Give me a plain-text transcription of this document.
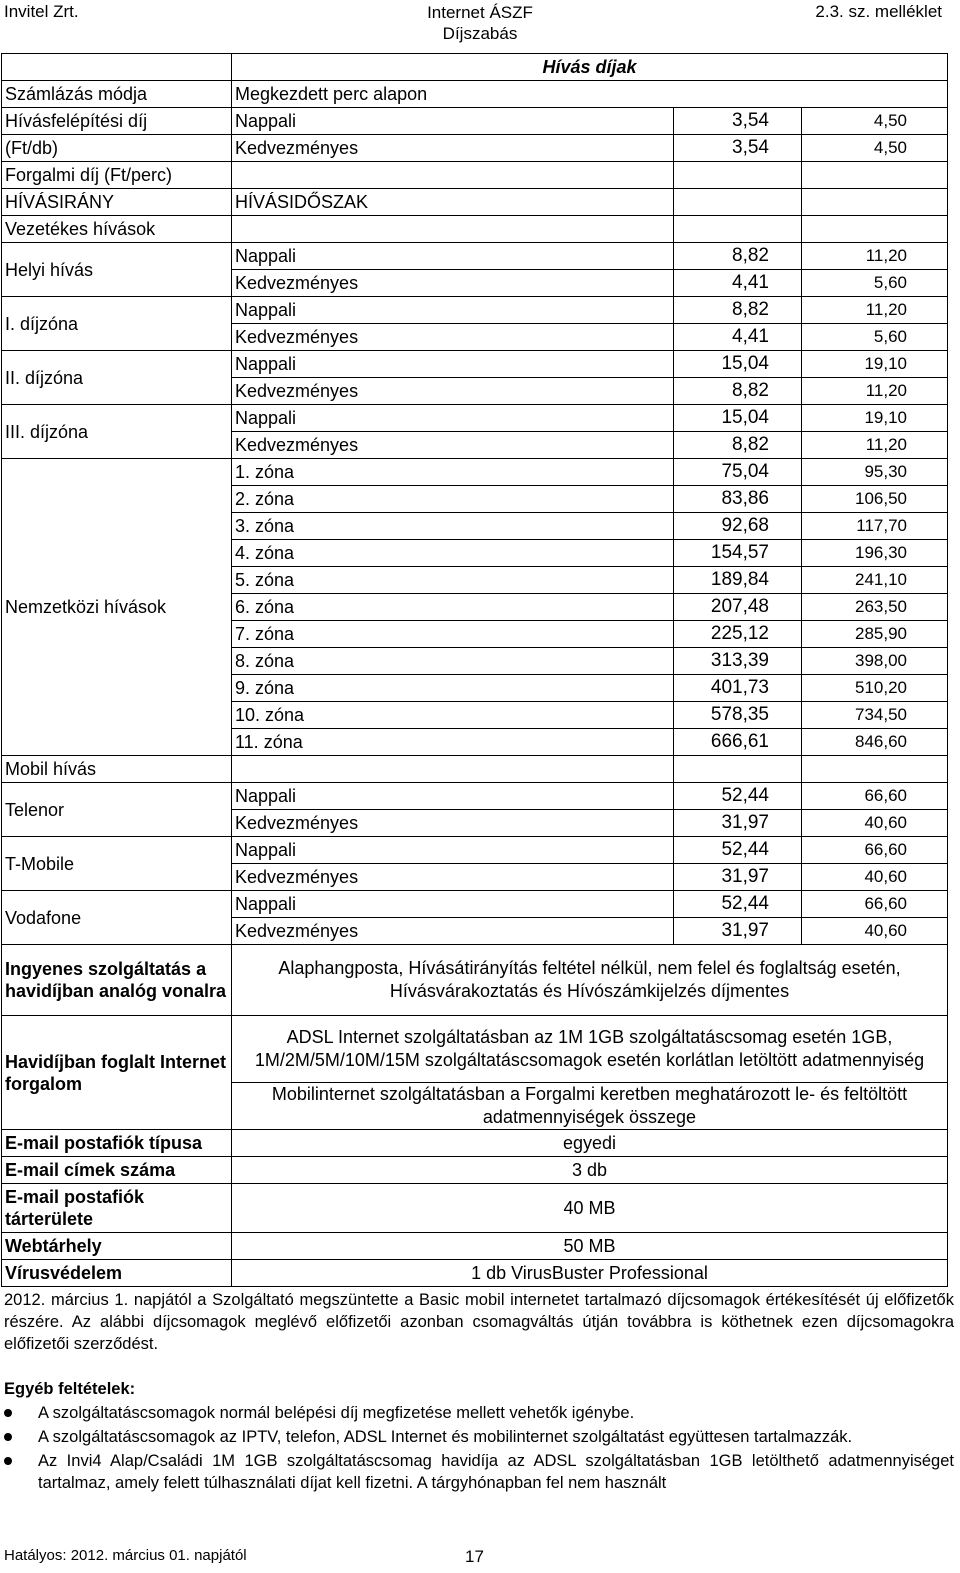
Invitel Zrt.	Internet ÁSZF
Díjszabás
2.3. sz. melléklet
	Hívás díjak		
Számlázás módja	Megkezdett perc alapon		
Hívásfelépítési díj	Nappali	3,54	4,50
(Ft/db)	Kedvezményes	3,54	4,50
Forgalmi díj (Ft/perc)			
HÍVÁSIRÁNY	HÍVÁSIDŐSZAK		
Vezetékes hívások			
Helyi hívás	Nappali	8,82	11,20
	Kedvezményes	4,41	5,60
I. díjzóna	Nappali	8,82	11,20
	Kedvezményes	4,41	5,60
II. díjzóna	Nappali	15,04	19,10
	Kedvezményes	8,82	11,20
III. díjzóna	Nappali	15,04	19,10
	Kedvezményes	8,82	11,20
Nemzetközi hívások	1. zóna	75,04	95,30
	2. zóna	83,86	106,50
	3. zóna	92,68	117,70
	4. zóna	154,57	196,30
	5. zóna	189,84	241,10
	6. zóna	207,48	263,50
	7. zóna	225,12	285,90
	8. zóna	313,39	398,00
	9. zóna	401,73	510,20
	10. zóna	578,35	734,50
	11. zóna	666,61	846,60
Mobil hívás			
Telenor	Nappali	52,44	66,60
	Kedvezményes	31,97	40,60
T-Mobile	Nappali	52,44	66,60
	Kedvezményes	31,97	40,60
Vodafone	Nappali	52,44	66,60
	Kedvezményes	31,97	40,60
Ingyenes szolgáltatás a havidíjban analóg vonalra	Alaphangposta, Hívásátirányítás feltétel nélkül, nem felel és foglaltság esetén, Hívásvárakoztatás és Hívószámkijelzés díjmentes		
Havidíjban foglalt Internet forgalom	ADSL Internet szolgáltatásban az 1M 1GB szolgáltatáscsomag esetén 1GB, 1M/2M/5M/10M/15M szolgáltatáscsomagok esetén korlátlan letöltött adatmennyiség		
	Mobilinternet szolgáltatásban a Forgalmi keretben meghatározott le- és feltöltött adatmennyiségek összege		
E-mail postafiók típusa	egyedi		
E-mail címek száma	3 db		
E-mail postafiók tárterülete	40 MB		
Webtárhely	50 MB		
Vírusvédelem	1 db VirusBuster Professional		
2012. március 1. napjától a Szolgáltató megszüntette a Basic mobil internetet tartalmazó díjcsomagok értékesítését új előfizetők részére. Az alábbi díjcsomagok meglévő előfizetői azonban csomagváltás útján továbbra is köthetnek ezen díjcsomagokra előfizetői szerződést.
Egyéb feltételek:
A szolgáltatáscsomagok normál belépési díj megfizetése mellett vehetők igénybe.
A szolgáltatáscsomagok az IPTV, telefon, ADSL Internet és mobilinternet szolgáltatást együttesen tartalmazzák.
Az Invi4 Alap/Családi 1M 1GB szolgáltatáscsomag havidíja az ADSL szolgáltatásban 1GB letölthető adatmennyiséget tartalmaz, amely felett túlhasználati díjat kell fizetni. A tárgyhónapban fel nem használt
Hatályos: 2012. március 01. napjától	17
